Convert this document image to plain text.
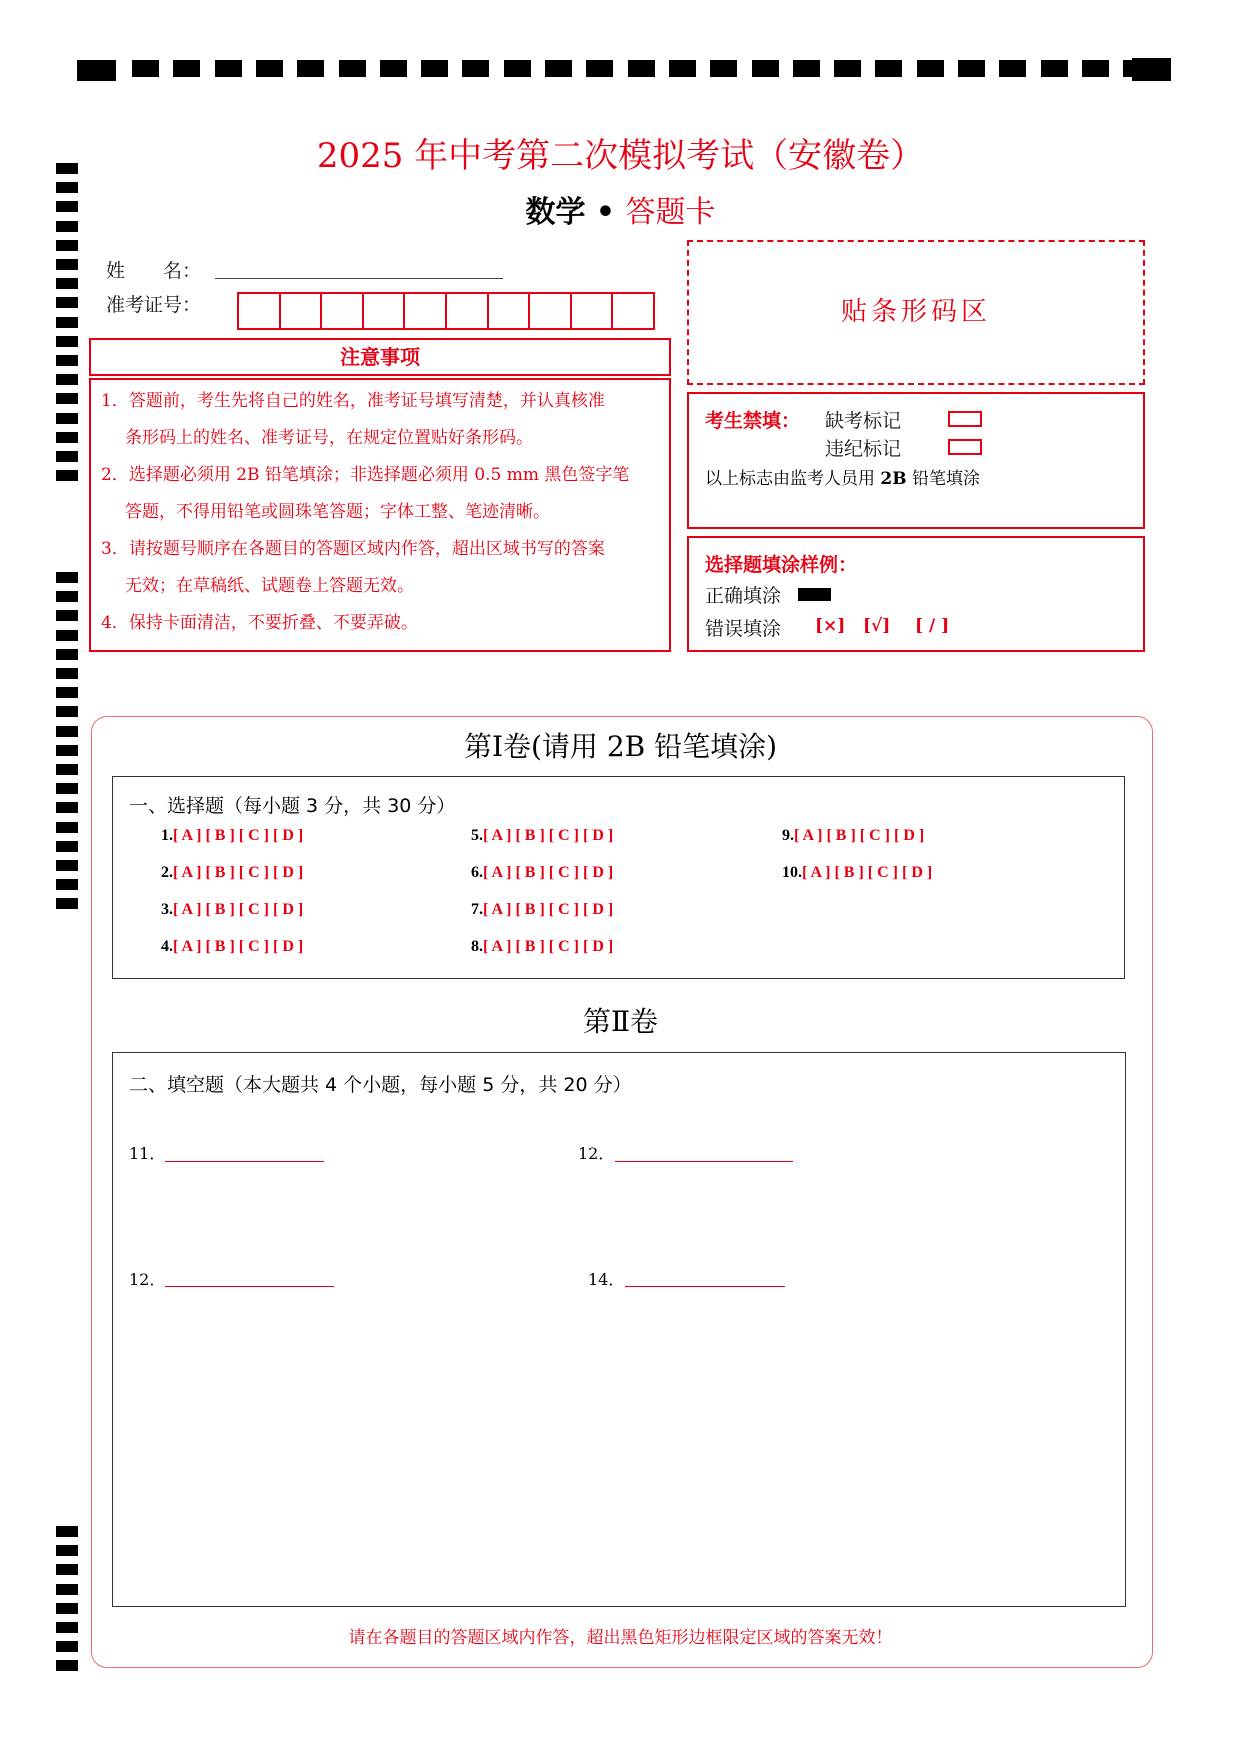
2025 年中考第二次模拟考试（安徽卷）
数学 • 答题卡
姓　　名：
准考证号：
注意事项
1．答题前，考生先将自己的姓名，准考证号填写清楚，并认真核准
条形码上的姓名、准考证号，在规定位置贴好条形码。
2．选择题必须用 2B 铅笔填涂；非选择题必须用 0.5 mm 黑色签字笔
答题，不得用铅笔或圆珠笔答题；字体工整、笔迹清晰。
3．请按题号顺序在各题目的答题区域内作答，超出区域书写的答案
无效；在草稿纸、试题卷上答题无效。
4．保持卡面清洁，不要折叠、不要弄破。
贴条形码区
考生禁填： 缺考标记
违纪标记
以上标志由监考人员用 2B 铅笔填涂
选择题填涂样例：
正确填涂
错误填涂 [×] [√] [ / ]
第Ⅰ卷(请用 2B 铅笔填涂)
一、选择题（每小题 3 分，共 30 分）
1.[ A ] [ B ] [ C ] [ D ]
2.[ A ] [ B ] [ C ] [ D ]
3.[ A ] [ B ] [ C ] [ D ]
4.[ A ] [ B ] [ C ] [ D ]
5.[ A ] [ B ] [ C ] [ D ]
6.[ A ] [ B ] [ C ] [ D ]
7.[ A ] [ B ] [ C ] [ D ]
8.[ A ] [ B ] [ C ] [ D ]
9.[ A ] [ B ] [ C ] [ D ]
10.[ A ] [ B ] [ C ] [ D ]
第Ⅱ卷
二、填空题（本大题共 4 个小题，每小题 5 分，共 20 分）
11．	12．
12．	14．
请在各题目的答题区域内作答，超出黑色矩形边框限定区域的答案无效！
